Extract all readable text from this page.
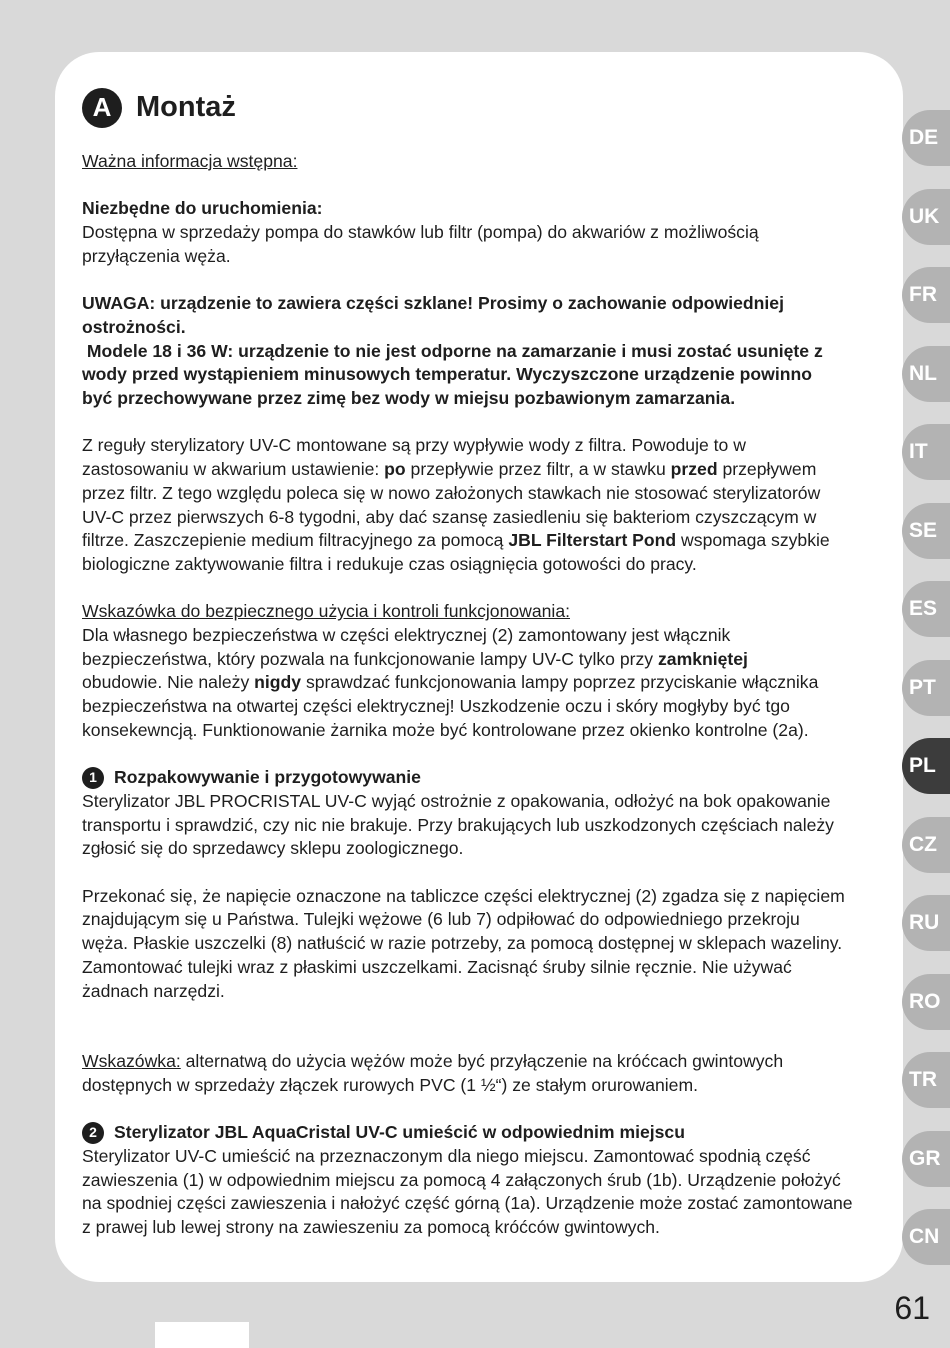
A Montaż

Ważna informacja wstępna:

Niezbędne do uruchomienia:

Dostępna w sprzedaży pompa do stawków lub filtr (pompa) do akwariów z możliwością

przyłączenia węża.

UWAGA: urządzenie to zawiera części szklane! Prosimy o zachowanie odpowiedniej

ostrożności.

Modele 18 i 36 W: urządzenie to nie jest odporne na zamarzanie i musi zostać usunięte z

wody przed wystąpieniem minusowych temperatur. Wyczyszczone urządzenie powinno

być przechowywane przez zimę bez wody w miejsu pozbawionym zamarzania.

Z reguły sterylizatory UV-C montowane są przy wypływie wody z filtra. Powoduje to w

zastosowaniu w akwarium ustawienie: po przepływie przez filtr, a w stawku przed przepływem

przez filtr. Z tego względu poleca się w nowo założonych stawkach nie stosować sterylizatorów

UV-C przez pierwszych 6-8 tygodni, aby dać szansę zasiedleniu się bakteriom czyszczącym w

filtrze. Zaszczepienie medium filtracyjnego za pomocą JBL Filterstart Pond wspomaga szybkie

biologiczne zaktywowanie filtra i redukuje czas osiągnięcia gotowości do pracy.

Wskazówka do bezpiecznego użycia i kontroli funkcjonowania:

Dla własnego bezpieczeństwa w części elektrycznej (2) zamontowany jest włącznik

bezpieczeństwa, który pozwala na funkcjonowanie lampy UV-C tylko przy zamkniętej

obudowie. Nie należy nigdy sprawdzać funkcjonowania lampy poprzez przyciskanie włącznika

bezpieczeństwa na otwartej części elektrycznej! Uszkodzenie oczu i skóry mogłyby być tgo

konsekewncją. Funktionowanie żarnika może być kontrolowane przez okienko kontrolne (2a).

1 Rozpakowywanie i przygotowywanie

Sterylizator JBL PROCRISTAL UV-C wyjąć ostrożnie z opakowania, odłożyć na bok opakowanie

transportu i sprawdzić, czy nic nie brakuje. Przy brakujących lub uszkodzonych częściach należy

zgłosić się do sprzedawcy sklepu zoologicznego.

Przekonać się, że napięcie oznaczone na tabliczce części elektrycznej (2) zgadza się z napięciem

znajdującym się u Państwa. Tulejki wężowe (6 lub 7) odpiłować do odpowiedniego przekroju

węża. Płaskie uszczelki (8) natłuścić w razie potrzeby, za pomocą dostępnej w sklepach wazeliny.

Zamontować tulejki wraz z płaskimi uszczelkami. Zacisnąć śruby silnie ręcznie. Nie używać

żadnach narzędzi.

Wskazówka: alternatwą do użycia wężów może być przyłączenie na króćcach gwintowych

dostępnych w sprzedaży złączek rurowych PVC (1 ½“) ze stałym orurowaniem.

2 Sterylizator JBL AquaCristal UV-C umieścić w odpowiednim miejscu

Sterylizator UV-C umieścić na przeznaczonym dla niego miejscu. Zamontować spodnią część

zawieszenia (1) w odpowiednim miejscu za pomocą 4 załączonych śrub (1b). Urządzenie położyć

na spodniej części zawieszenia i nałożyć część górną (1a). Urządzenie może zostać zamontowane

z prawej lub lewej strony na zawieszeniu za pomocą króćców gwintowych.

DE
UK
FR
NL
IT
SE
ES
PT
PL
CZ
RU
RO
TR
GR
CN
61
